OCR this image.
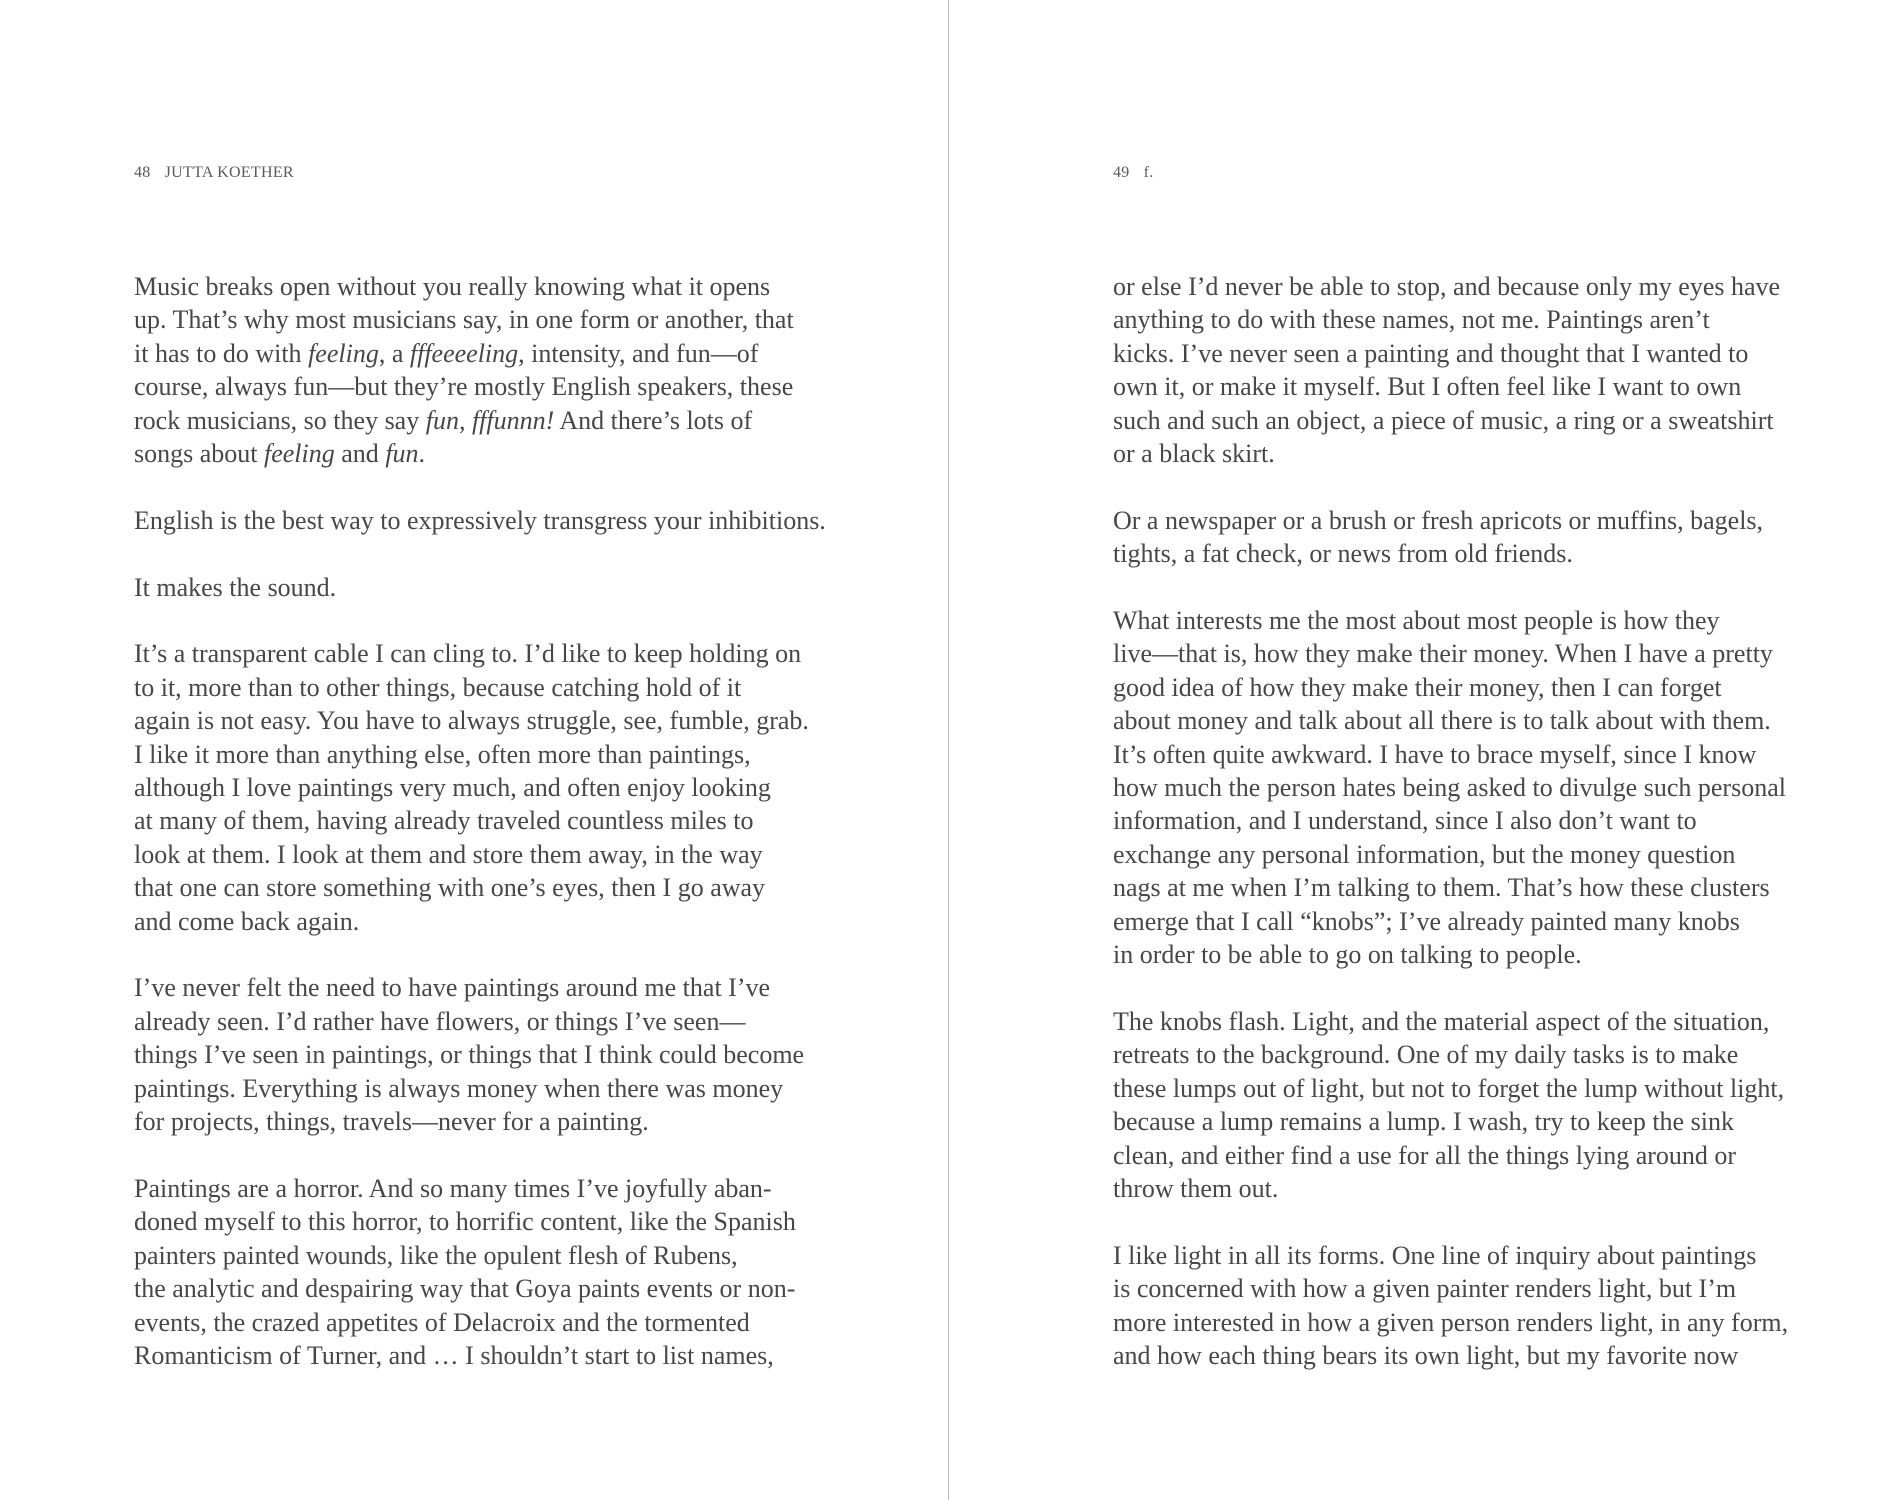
48 JUTTA KOETHER

Music breaks open without you really knowing what it opens
up. That’s why most musicians say, in one form or another, that
it has to do with feeling, a fffeeeeling, intensity, and fun—of
course, always fun—but they’re mostly English speakers, these
rock musicians, so they say fun, fffunnn! And there’s lots of
songs about feeling and fun.

English is the best way to expressively transgress your inhibitions.

It makes the sound.

It’s a transparent cable I can cling to. I’d like to keep holding on
to it, more than to other things, because catching hold of it
again is not easy. You have to always struggle, see, fumble, grab.
I like it more than anything else, often more than paintings,
although I love paintings very much, and often enjoy looking
at many of them, having already traveled countless miles to
look at them. I look at them and store them away, in the way
that one can store something with one’s eyes, then I go away
and come back again.

I’ve never felt the need to have paintings around me that I’ve
already seen. I’d rather have flowers, or things I’ve seen—
things I’ve seen in paintings, or things that I think could become
paintings. Everything is always money when there was money
for projects, things, travels—never for a painting.

Paintings are a horror. And so many times I’ve joyfully aban-
doned myself to this horror, to horrific content, like the Spanish
painters painted wounds, like the opulent flesh of Rubens,
the analytic and despairing way that Goya paints events or non-
events, the crazed appetites of Delacroix and the tormented
Romanticism of Turner, and … I shouldn’t start to list names,

49 f.

or else I’d never be able to stop, and because only my eyes have
anything to do with these names, not me. Paintings aren’t
kicks. I’ve never seen a painting and thought that I wanted to
own it, or make it myself. But I often feel like I want to own
such and such an object, a piece of music, a ring or a sweatshirt
or a black skirt.

Or a newspaper or a brush or fresh apricots or muffins, bagels,
tights, a fat check, or news from old friends.

What interests me the most about most people is how they
live—that is, how they make their money. When I have a pretty
good idea of how they make their money, then I can forget
about money and talk about all there is to talk about with them.
It’s often quite awkward. I have to brace myself, since I know
how much the person hates being asked to divulge such personal
information, and I understand, since I also don’t want to
exchange any personal information, but the money question
nags at me when I’m talking to them. That’s how these clusters
emerge that I call “knobs”; I’ve already painted many knobs
in order to be able to go on talking to people.

The knobs flash. Light, and the material aspect of the situation,
retreats to the background. One of my daily tasks is to make
these lumps out of light, but not to forget the lump without light,
because a lump remains a lump. I wash, try to keep the sink
clean, and either find a use for all the things lying around or
throw them out.

I like light in all its forms. One line of inquiry about paintings
is concerned with how a given painter renders light, but I’m
more interested in how a given person renders light, in any form,
and how each thing bears its own light, but my favorite now
